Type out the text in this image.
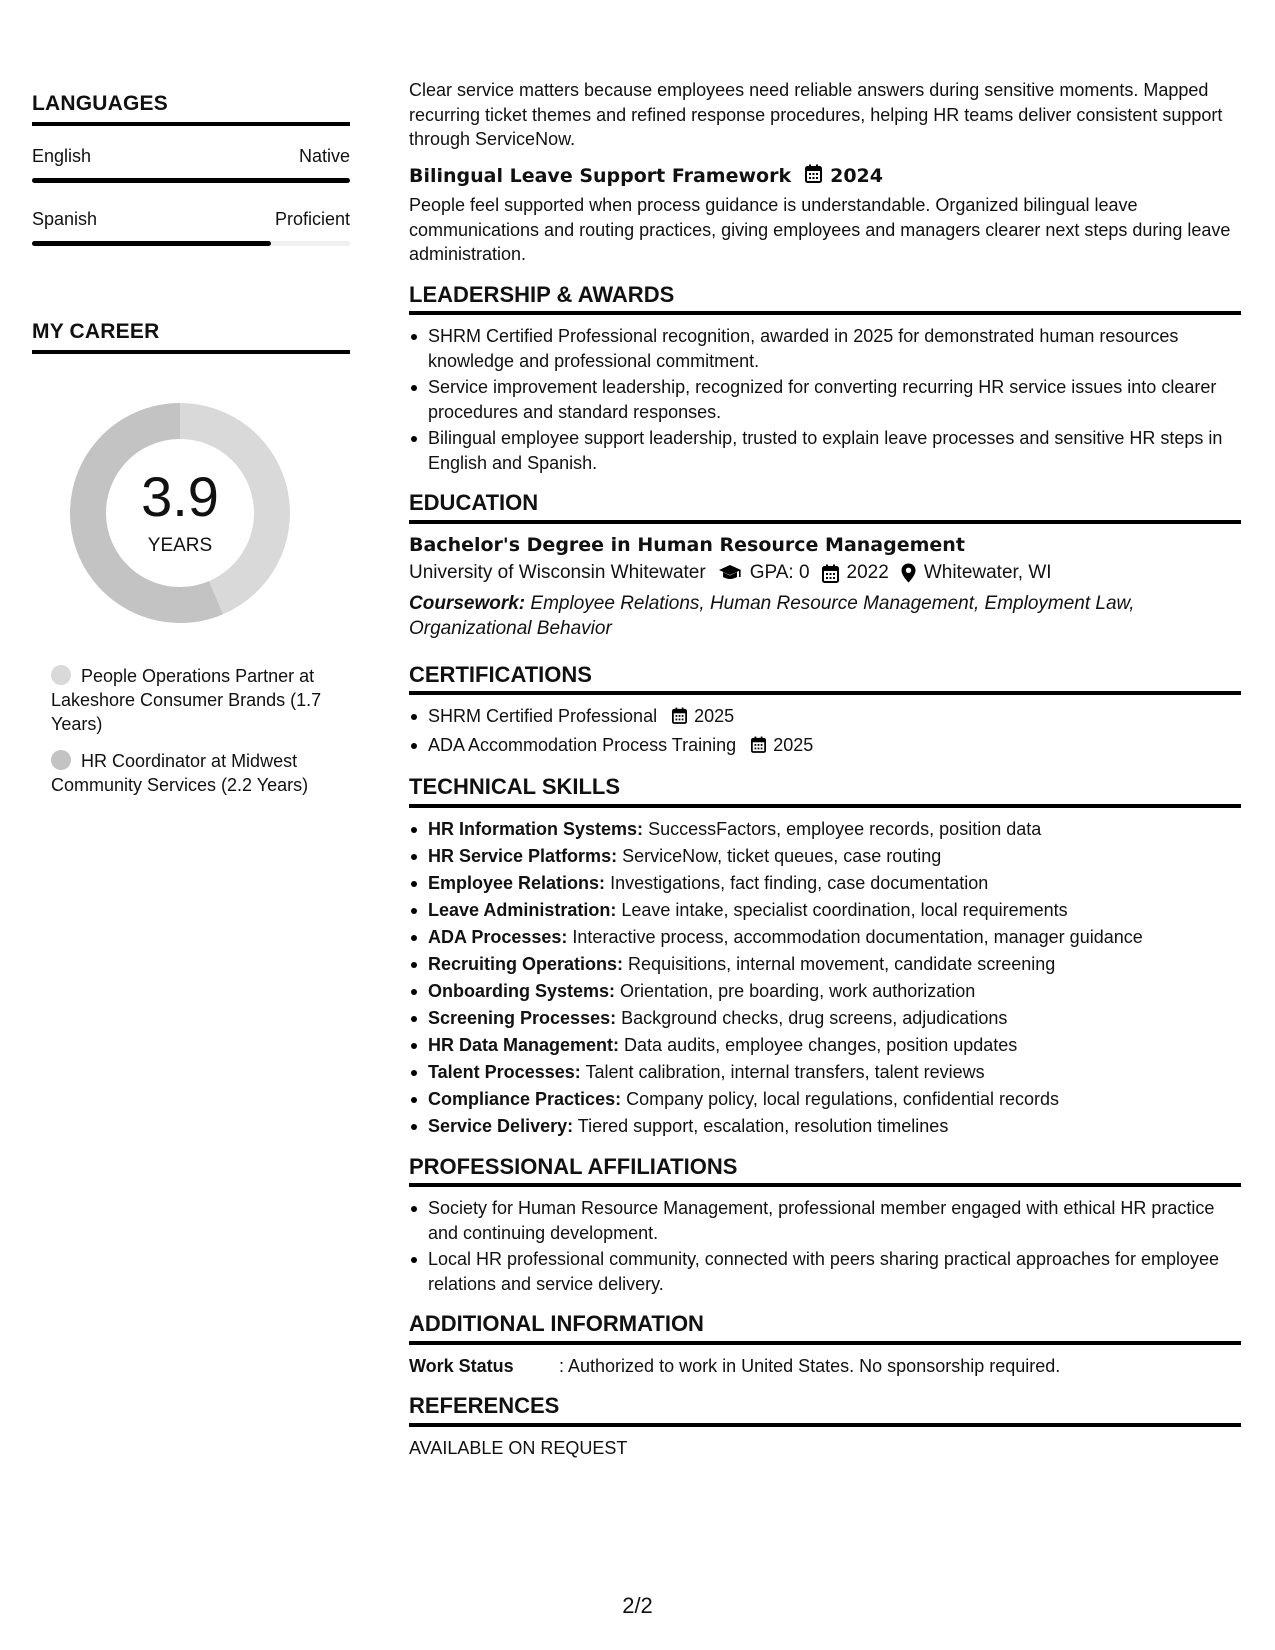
LANGUAGES
English	Native
Spanish	Proficient
MY CAREER
3.9
YEARS
People Operations Partner at Lakeshore Consumer Brands (1.7 Years)
HR Coordinator at Midwest Community Services (2.2 Years)

Clear service matters because employees need reliable answers during sensitive moments. Mapped recurring ticket themes and refined response procedures, helping HR teams deliver consistent support through ServiceNow.

Bilingual Leave Support Framework 2024

People feel supported when process guidance is understandable. Organized bilingual leave communications and routing practices, giving employees and managers clearer next steps during leave administration.

LEADERSHIP & AWARDS
SHRM Certified Professional recognition, awarded in 2025 for demonstrated human resources knowledge and professional commitment.
Service improvement leadership, recognized for converting recurring HR service issues into clearer procedures and standard responses.
Bilingual employee support leadership, trusted to explain leave processes and sensitive HR steps in English and Spanish.
EDUCATION
Bachelor's Degree in Human Resource Management
University of Wisconsin Whitewater GPA: 0 2022 Whitewater, WI
Coursework: Employee Relations, Human Resource Management, Employment Law, Organizational Behavior
CERTIFICATIONS
SHRM Certified Professional 2025
ADA Accommodation Process Training 2025
TECHNICAL SKILLS
HR Information Systems: SuccessFactors, employee records, position data
HR Service Platforms: ServiceNow, ticket queues, case routing
Employee Relations: Investigations, fact finding, case documentation
Leave Administration: Leave intake, specialist coordination, local requirements
ADA Processes: Interactive process, accommodation documentation, manager guidance
Recruiting Operations: Requisitions, internal movement, candidate screening
Onboarding Systems: Orientation, pre boarding, work authorization
Screening Processes: Background checks, drug screens, adjudications
HR Data Management: Data audits, employee changes, position updates
Talent Processes: Talent calibration, internal transfers, talent reviews
Compliance Practices: Company policy, local regulations, confidential records
Service Delivery: Tiered support, escalation, resolution timelines
PROFESSIONAL AFFILIATIONS
Society for Human Resource Management, professional member engaged with ethical HR practice and continuing development.
Local HR professional community, connected with peers sharing practical approaches for employee relations and service delivery.
ADDITIONAL INFORMATION
Work Status	: Authorized to work in United States. No sponsorship required.
REFERENCES
AVAILABLE ON REQUEST
2/2
